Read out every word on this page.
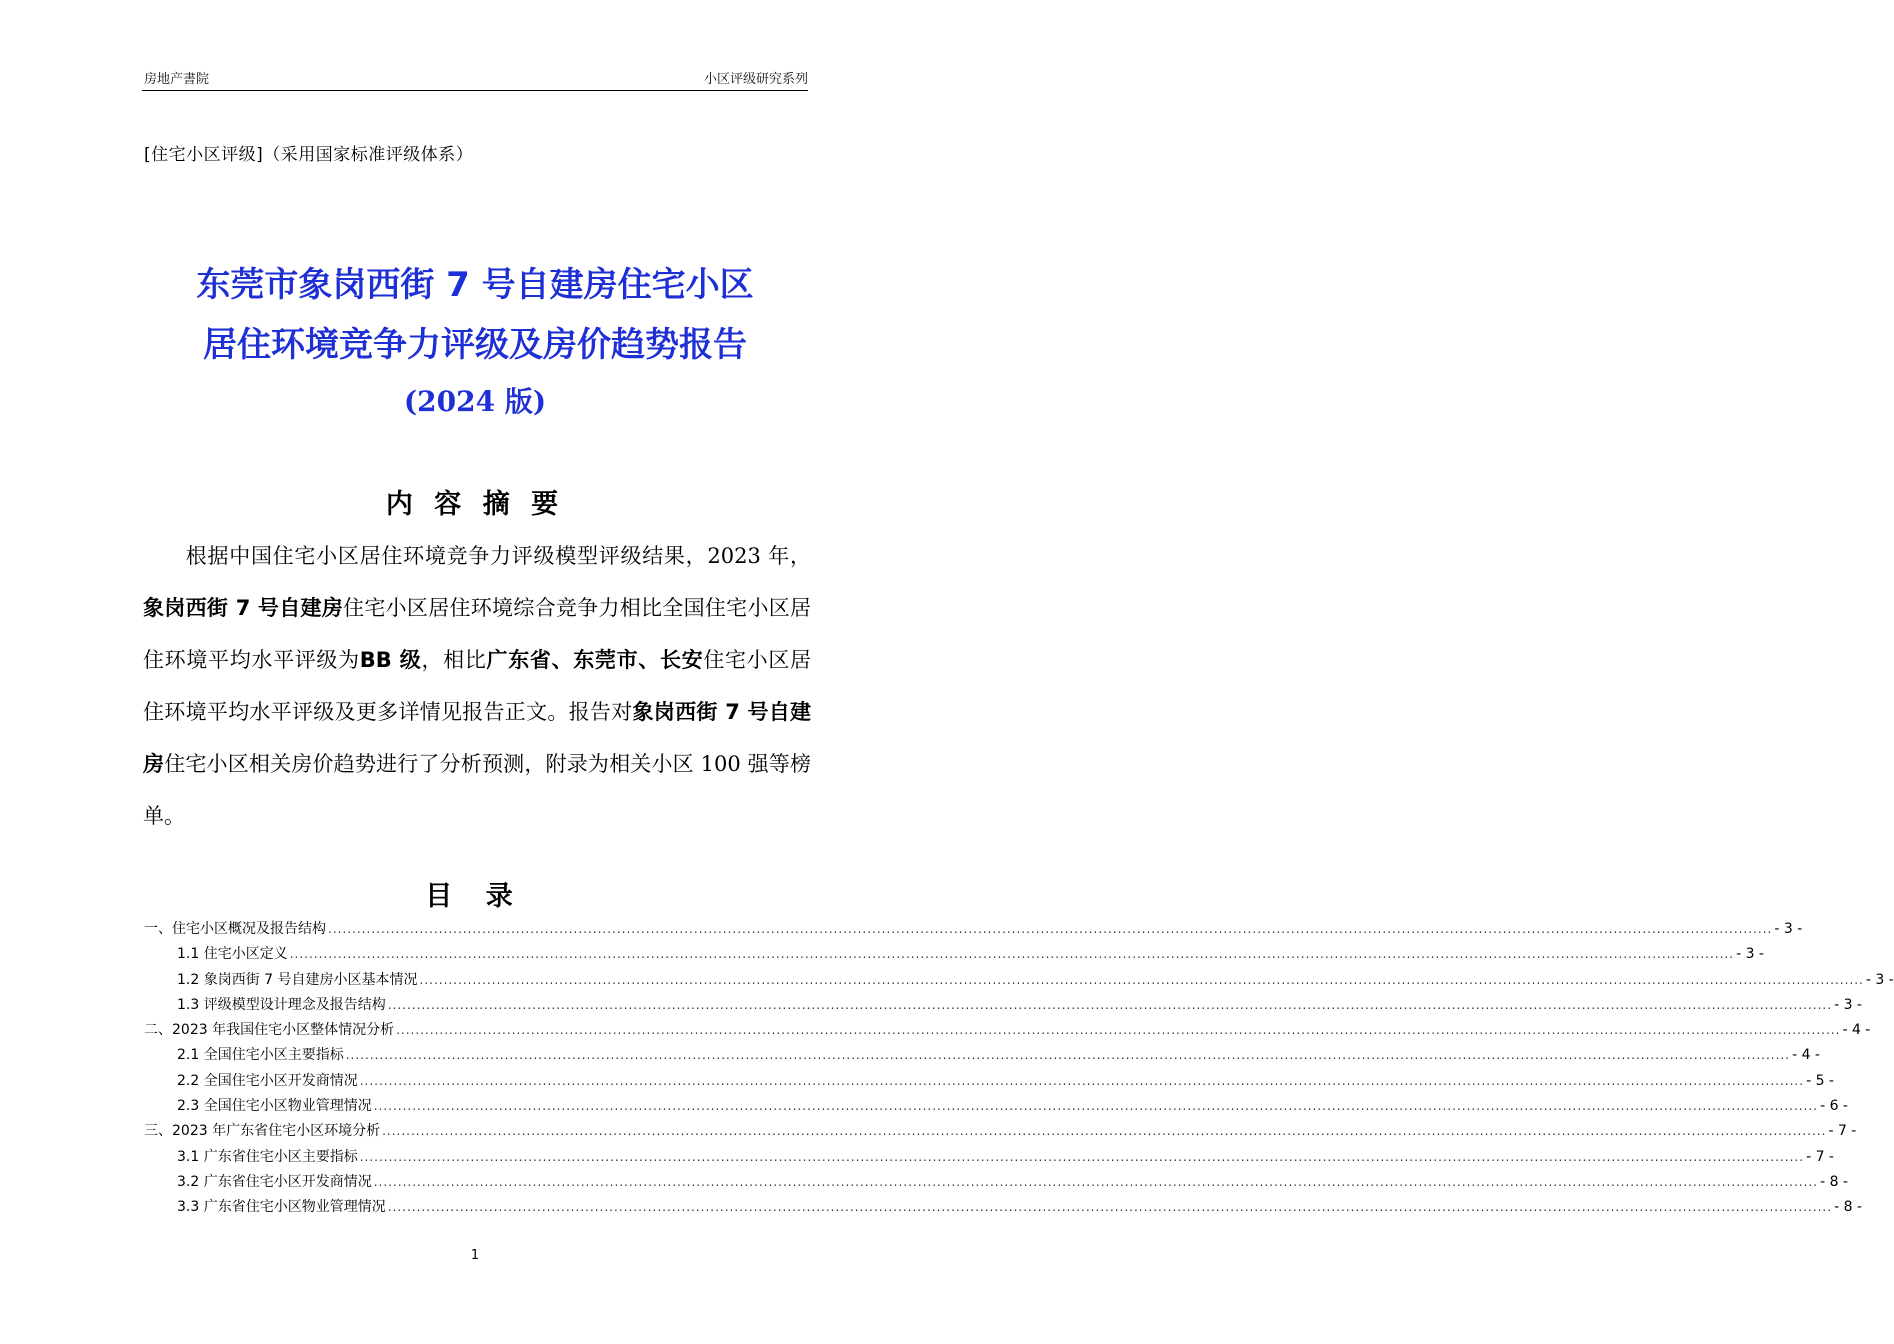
房地产書院	小区评级研究系列
[住宅小区评级]（采用国家标准评级体系）
东莞市象岗西街 7 号自建房住宅小区
居住环境竞争力评级及房价趋势报告
(2024 版)
内 容 摘 要
根据中国住宅小区居住环境竞争力评级模型评级结果，2023 年，象岗西街 7 号自建房住宅小区居住环境综合竞争力相比全国住宅小区居住环境平均水平评级为BB 级，相比广东省、东莞市、长安住宅小区居住环境平均水平评级及更多详情见报告正文。报告对象岗西街 7 号自建房住宅小区相关房价趋势进行了分析预测，附录为相关小区 100 强等榜单。
目 录
一、住宅小区概况及报告结构 ............................................................................................................................................................................................................................................................................................................ - 3 -
1.1 住宅小区定义 ............................................................................................................................................................................................................................................................................................................ - 3 -
1.2 象岗西街 7 号自建房小区基本情况 ............................................................................................................................................................................................................................................................................................................ - 3 -
1.3 评级模型设计理念及报告结构 ............................................................................................................................................................................................................................................................................................................ - 3 -
二、2023 年我国住宅小区整体情况分析 ............................................................................................................................................................................................................................................................................................................ - 4 -
2.1 全国住宅小区主要指标 ............................................................................................................................................................................................................................................................................................................ - 4 -
2.2 全国住宅小区开发商情况 ............................................................................................................................................................................................................................................................................................................ - 5 -
2.3 全国住宅小区物业管理情况 ............................................................................................................................................................................................................................................................................................................ - 6 -
三、2023 年广东省住宅小区环境分析 ............................................................................................................................................................................................................................................................................................................ - 7 -
3.1 广东省住宅小区主要指标 ............................................................................................................................................................................................................................................................................................................ - 7 -
3.2 广东省住宅小区开发商情况 ............................................................................................................................................................................................................................................................................................................ - 8 -
3.3 广东省住宅小区物业管理情况 ............................................................................................................................................................................................................................................................................................................ - 8 -
1
